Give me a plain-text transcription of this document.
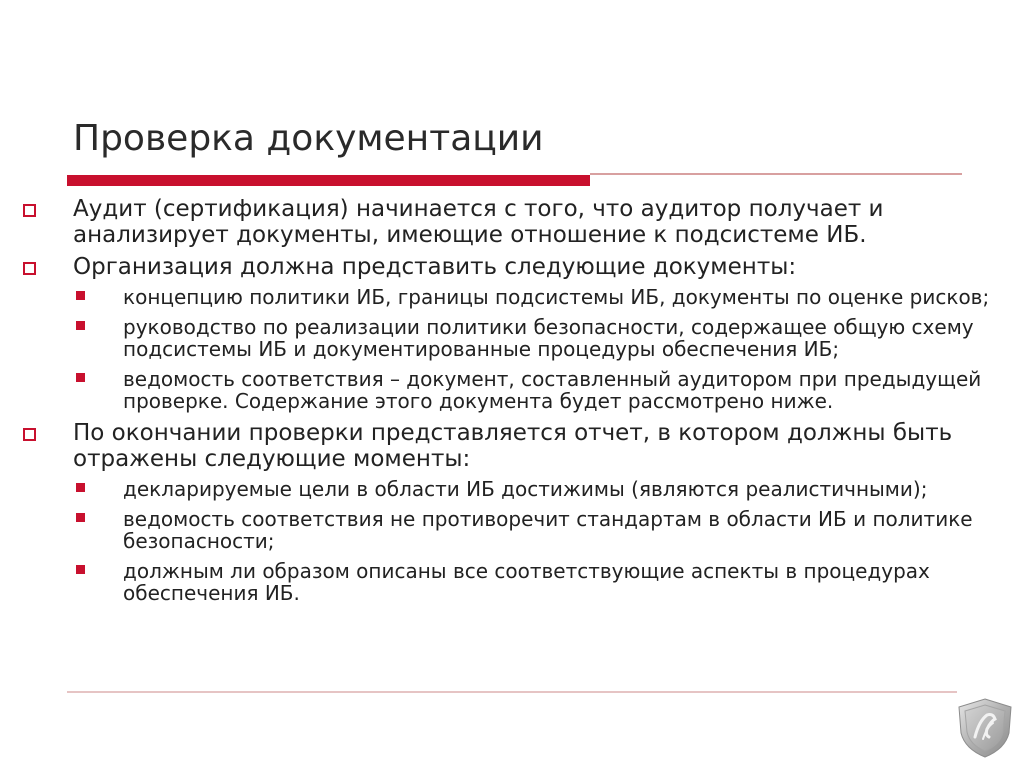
Проверка документации
Аудит (сертификация) начинается с того, что аудитор получает и анализирует документы, имеющие отношение к подсистеме ИБ.
Организация должна представить следующие документы:
концепцию политики ИБ, границы подсистемы ИБ, документы по оценке рисков;
руководство по реализации политики безопасности, содержащее общую схему подсистемы ИБ и документированные процедуры обеспечения ИБ;
ведомость соответствия – документ, составленный аудитором при предыдущей проверке. Содержание этого документа будет рассмотрено ниже.
По окончании проверки представляется отчет, в котором должны быть отражены следующие моменты:
декларируемые цели в области ИБ достижимы (являются реалистичными);
ведомость соответствия не противоречит стандартам в области ИБ и политике безопасности;
должным ли образом описаны все соответствующие аспекты в процедурах обеспечения ИБ.
